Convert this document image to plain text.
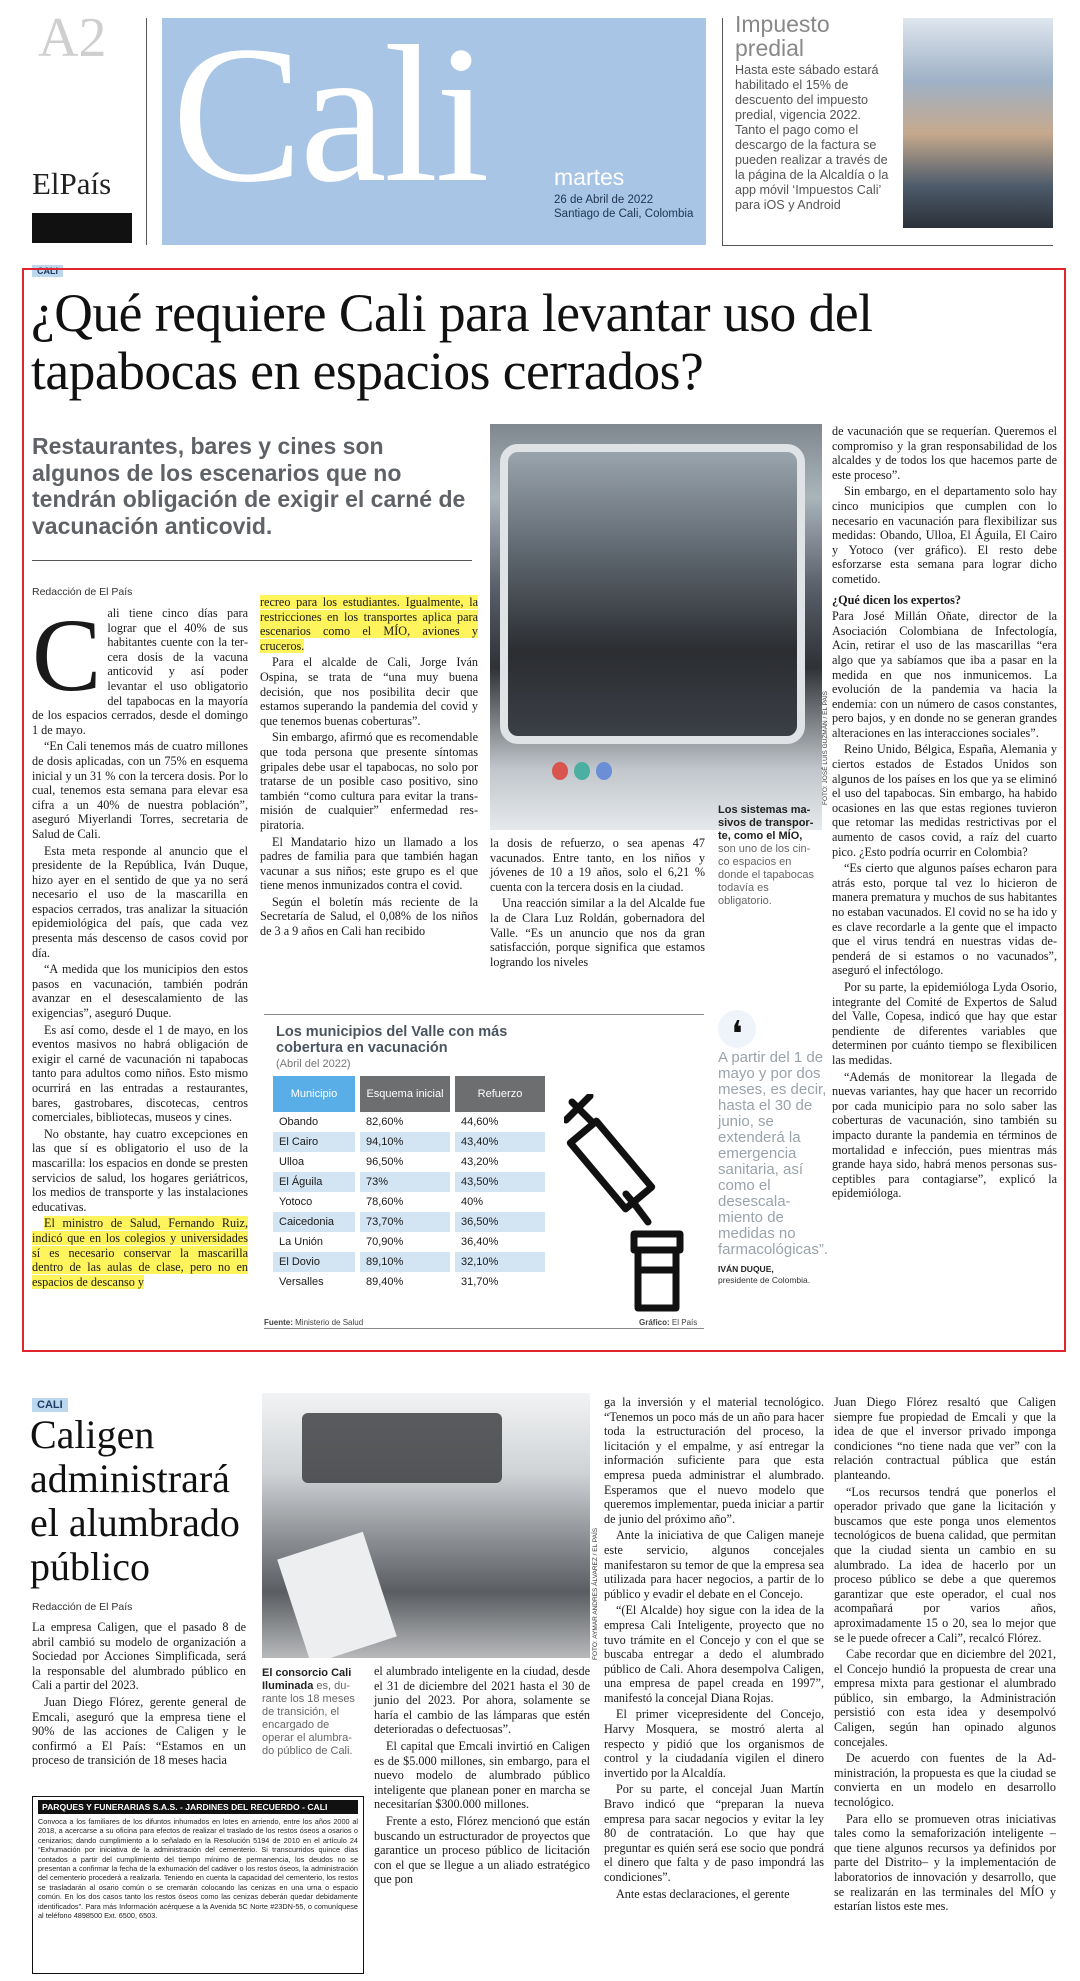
A2
ElPaís Cali	martes
26 de Abril de 2022
Santiago de Cali, Colombia
Impuesto predial
Hasta este sábado estará habilitado el 15% de descuento del impuesto predial, vigencia 2022. Tanto el pago como el descargo de la factura se pueden realizar a través de la página de la Alcaldía o la app móvil ‘Impuestos Cali’ para iOS y Android
CALI
¿Qué requiere Cali para levantar uso del tapabocas en espacios cerrados?
Restaurantes, bares y cines son algunos de los escenarios que no tendrán obligación de exigir el carné de vacunación anticovid.
Redacción de El País
C ali tiene cinco días para lograr que el 40% de sus habitantes cuente con la tercera dosis de la vacuna anticovid y así poder levantar el uso obligatorio del tapabocas en la mayoría de los espacios cerrados, desde el domingo 1 de mayo.

“En Cali tenemos más de cuatro millones de dosis aplicadas, con un 75% en esquema inicial y un 31 % con la tercera dosis. Por lo cual, tenemos esta semana para elevar esa cifra a un 40% de nuestra población”, aseguró Miyerlandi Torres, secretaria de Salud de Cali.

Esta meta responde al anuncio que el presidente de la República, Iván Duque, hizo ayer en el sentido de que ya no será necesario el uso de la mascarilla en espacios cerrados, tras analizar la situación epidemiológica del país, que cada vez presenta más descenso de casos covid por día.

“A medida que los municipios den estos pasos en vacunación, también podrán avanzar en el desescalamiento de las exigencias”, aseguró Duque.

Es así como, desde el 1 de mayo, en los eventos masivos no habrá obligación de exigir el carné de vacunación ni tapabocas tanto para adultos como niños. Esto mismo ocurrirá en las entradas a restaurantes, bares, gastrobares, discotecas, centros comerciales, bibliotecas, museos y cines.

No obstante, hay cuatro excepciones en las que sí es obligatorio el uso de la mascarilla: los espacios en donde se presten servicios de salud, los hogares geriátricos, los medios de transporte y las instalaciones educativas.

El ministro de Salud, Fernando Ruiz, indicó que en los colegios y universidades sí es necesario conservar la mascarilla dentro de las aulas de clase, pero no en espacios de descanso y

recreo para los estudiantes. Igualmente, la restricciones en los transportes aplica para escenarios como el MÍO, aviones y cruceros.

Para el alcalde de Cali, Jorge Iván Ospina, se trata de “una muy buena decisión, que nos posibilita decir que estamos superando la pandemia del covid y que tenemos buenas coberturas”.

Sin embargo, afirmó que es recomendable que toda persona que presente síntomas gripales debe usar el tapabocas, no solo por tratarse de un posible caso positivo, sino también “como cultura para evitar la transmisión de cualquier” enfermedad respiratoria.

El Mandatario hizo un llamado a los padres de familia para que también hagan vacunar a sus niños; este grupo es el que tiene menos inmunizados contra el covid.

Según el boletín más reciente de la Secretaría de Salud, el 0,08% de los niños de 3 a 9 años en Cali han recibido

FOTO: JOSÉ LUIS GUZMÁN / EL PAÍS
Los sistemas masivos de transporte, como el MÍO, son uno de los cinco espacios en donde el tapabocas todavía es obligatorio.

la dosis de refuerzo, o sea apenas 47 vacunados. Entre tanto, en los niños y jóvenes de 10 a 19 años, solo el 6,21 % cuenta con la tercera dosis en la ciudad.

Una reacción similar a la del Alcalde fue la de Clara Luz Roldán, gobernadora del Valle. “Es un anuncio que nos da gran satisfacción, porque significa que estamos logrando los niveles

de vacunación que se requerían. Queremos el compromiso y la gran responsabilidad de los alcaldes y de todos los que hacemos parte de este proceso”.

Sin embargo, en el departamento solo hay cinco municipios que cumplen con lo necesario en vacunación para flexibilizar sus medidas: Obando, Ulloa, El Águila, El Cairo y Yotoco (ver gráfico). El resto debe esforzarse esta semana para lograr dicho cometido.

¿Qué dicen los expertos?

Para José Millán Oñate, director de la Asociación Colombiana de Infectología, Acin, retirar el uso de las mascarillas “era algo que ya sabíamos que iba a pasar en la medida en que nos inmunicemos. La evolución de la pandemia va hacia la endemia: con un número de casos constantes, pero bajos, y en donde no se generan grandes alteraciones en las interacciones sociales”.

Reino Unido, Bélgica, España, Alemania y ciertos estados de Estados Unidos son algunos de los países en los que ya se eliminó el uso del tapabocas. Sin embargo, ha habido ocasiones en las que estas regiones tuvieron que retomar las medidas restrictivas por el aumento de casos covid, a raíz del cuarto pico. ¿Esto podría ocurrir en Colombia?

“Es cierto que algunos países echaron para atrás esto, porque tal vez lo hicieron de manera prematura y muchos de sus habitantes no estaban vacunados. El covid no se ha ido y es clave recordarle a la gente que el impacto que el virus tendrá en nuestras vidas dependerá de si estamos o no vacunados”, aseguró el infectólogo.

Por su parte, la epidemióloga Lyda Osorio, integrante del Comité de Expertos de Salud del Valle, Copesa, indicó que hay que estar pendiente de diferentes variables que determinen por cuánto tiempo se flexibilicen las medidas.

“Además de monitorear la llegada de nuevas variantes, hay que hacer un recorrido por cada municipio para no solo saber las coberturas de vacunación, sino también su impacto durante la pandemia en términos de mortalidad e infección, pues mientras más grande haya sido, habrá menos personas susceptibles para contagiarse”, explicó la epidemióloga.

Los municipios del Valle con más cobertura en vacunación
(Abril del 2022)
Municipio	Esquema inicial	Refuerzo
Obando	82,60%	44,60%
El Cairo	94,10%	43,40%
Ulloa	96,50%	43,20%
El Águila	73%	43,50%
Yotoco	78,60%	40%
Caicedonia	73,70%	36,50%
La Unión	70,90%	36,40%
El Dovio	89,10%	32,10%
Versalles	89,40%	31,70%
Fuente: Ministerio de Salud	Gráfico: El País
❛
A partir del 1 de mayo y por dos meses, es decir, hasta el 30 de junio, se extenderá la emergencia sanitaria, así como el desescalamiento de medidas no farmacológicas”.
IVÁN DUQUE,
presidente de Colombia.
CALI
Caligen administrará el alumbrado público
Redacción de El País

La empresa Caligen, que el pasado 8 de abril cambió su modelo de organización a Sociedad por Acciones Simplificada, será la responsable del alumbrado público en Cali a partir del 2023.

Juan Diego Flórez, gerente general de Emcali, aseguró que la empresa tiene el 90% de las acciones de Caligen y le confirmó a El País: “Estamos en un proceso de transición de 18 meses hacia

FOTO: AYMAR ANDRES ÁLVAREZ / EL PAÍS
El consorcio Cali Iluminada es, durante los 18 meses de transición, el encargado de operar el alumbrado público de Cali.

el alumbrado inteligente en la ciudad, desde el 31 de diciembre del 2021 hasta el 30 de junio del 2023. Por ahora, solamente se haría el cambio de las lámparas que estén deterioradas o defectuosas”.

El capital que Emcali invirtió en Caligen es de $5.000 millones, sin embargo, para el nuevo modelo de alumbrado público inteligente que planean poner en marcha se necesitarían $300.000 millones.

Frente a esto, Flórez mencionó que están buscando un estructurador de proyectos que garantice un proceso público de licitación con el que se llegue a un aliado estratégico que pon

ga la inversión y el material tecnológico. “Tenemos un poco más de un año para hacer toda la estructuración del proceso, la licitación y el empalme, y así entregar la información suficiente para que esta empresa pueda administrar el alumbrado. Esperamos que el nuevo modelo que queremos implementar, pueda iniciar a partir de junio del próximo año”.

Ante la iniciativa de que Caligen maneje este servicio, algunos concejales manifestaron su temor de que la empresa sea utilizada para hacer negocios, a partir de lo público y evadir el debate en el Concejo.

“(El Alcalde) hoy sigue con la idea de la empresa Cali Inteligente, proyecto que no tuvo trámite en el Concejo y con el que se buscaba entregar a dedo el alumbrado público de Cali. Ahora desempolva Caligen, una empresa de papel creada en 1997”, manifestó la concejal Diana Rojas.

El primer vicepresidente del Concejo, Harvy Mosquera, se mostró alerta al respecto y pidió que los organismos de control y la ciudadanía vigilen el dinero invertido por la Alcaldía.

Por su parte, el concejal Juan Martín Bravo indicó que “preparan la nueva empresa para sacar negocios y evitar la ley 80 de contratación. Lo que hay que preguntar es quién será ese socio que pondrá el dinero que falta y de paso impondrá las condiciones”.

Ante estas declaraciones, el gerente

Juan Diego Flórez resaltó que Caligen siempre fue propiedad de Emcali y que la idea de que el inversor privado imponga condiciones “no tiene nada que ver” con la relación contractual pública que están planteando.

“Los recursos tendrá que ponerlos el operador privado que gane la licitación y buscamos que este ponga unos elementos tecnológicos de buena calidad, que permitan que la ciudad sienta un cambio en su alumbrado. La idea de hacerlo por un proceso público se debe a que queremos garantizar que este operador, el cual nos acompañará por varios años, aproximadamente 15 o 20, sea lo mejor que se le puede ofrecer a Cali”, recalcó Flórez.

Cabe recordar que en diciembre del 2021, el Concejo hundió la propuesta de crear una empresa mixta para gestionar el alumbrado público, sin embargo, la Administración persistió con esta idea y desempolvó Caligen, según han opinado algunos concejales.

De acuerdo con fuentes de la Administración, la propuesta es que la ciudad se convierta en un modelo en desarrollo tecnológico.

Para ello se promueven otras iniciativas tales como la semaforización inteligente –que tiene algunos recursos ya definidos por parte del Distrito– y la implementación de laboratorios de innovación y desarrollo, que se realizarán en las terminales del MÍO y estarían listos este mes.

PARQUES Y FUNERARIAS S.A.S. - JARDINES DEL RECUERDO - CALI
Convoca a los familiares de los difuntos inhumados en lotes en arriendo, entre los años 2000 al 2018, a acercarse a su oficina para efectos de realizar el traslado de los restos óseos a osarios o cenizarios; dando cumplimiento a lo señalado en la Resolución 5194 de 2010 en el artículo 24 “Exhumación por iniciativa de la administración del cementerio. Si transcurridos quince días contados a partir del cumplimiento del tiempo mínimo de permanencia, los deudos no se presentan a confirmar la fecha de la exhumación del cadáver o los restos óseos, la administración del cementerio procederá a realizarla. Teniendo en cuenta la capacidad del cementerio, los restos se trasladarán al osario común o se cremarán colocando las cenizas en una urna o espacio común. En los dos casos tanto los restos óseos como las cenizas deberán quedar debidamente identificados”. Para más Información acérquese a la Avenida 5C Norte #23DN-55, o comuníquese al teléfono 4898500 Ext. 6500, 6503.
